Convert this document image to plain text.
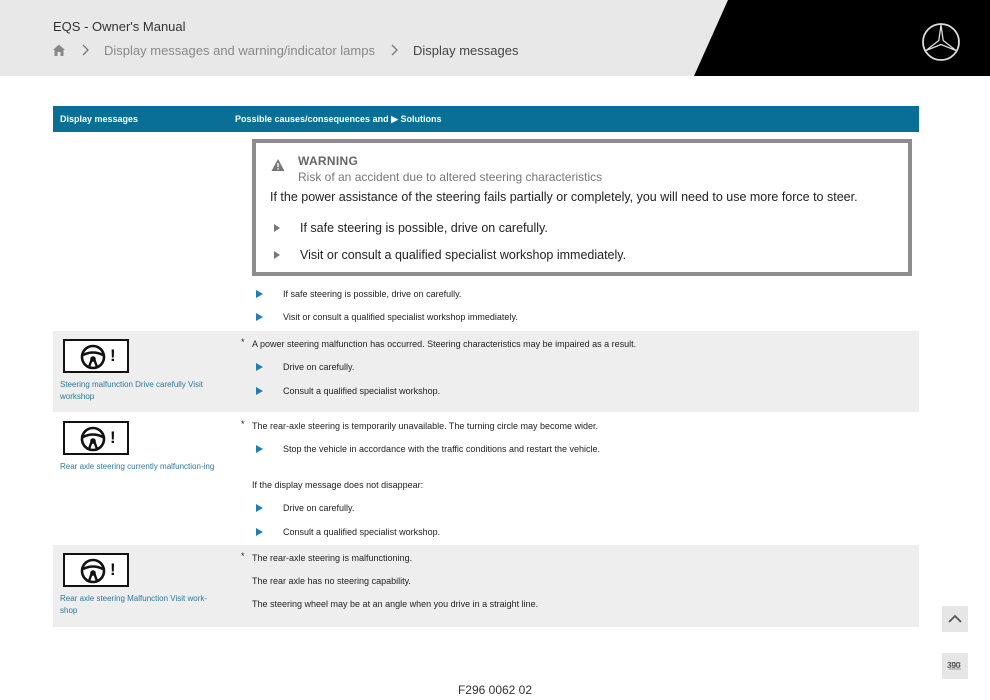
EQS - Owner's Manual
Display messages and warning/indicator lamps	Display messages
Display messages	Possible causes/consequences and ▶ Solutions
WARNING
Risk of an accident due to altered steering characteristics
If the power assistance of the steering fails partially or completely, you will need to use more force to steer.
If safe steering is possible, drive on carefully.
Visit or consult a qualified specialist workshop immediately.
If safe steering is possible, drive on carefully.
Visit or consult a qualified specialist workshop immediately.
!
Steering malfunction Drive carefully Visit workshop
* A power steering malfunction has occurred. Steering characteristics may be impaired as a result.
Drive on carefully.
Consult a qualified specialist workshop.
!
Rear axle steering currently malfunction-ing
* The rear-axle steering is temporarily unavailable. The turning circle may become wider.
Stop the vehicle in accordance with the traffic conditions and restart the vehicle.
If the display message does not disappear:
Drive on carefully.
Consult a qualified specialist workshop.
!
Rear axle steering Malfunction Visit work-shop
* The rear-axle steering is malfunctioning.
The rear axle has no steering capability.
The steering wheel may be at an angle when you drive in a straight line.
390
F296 0062 02
